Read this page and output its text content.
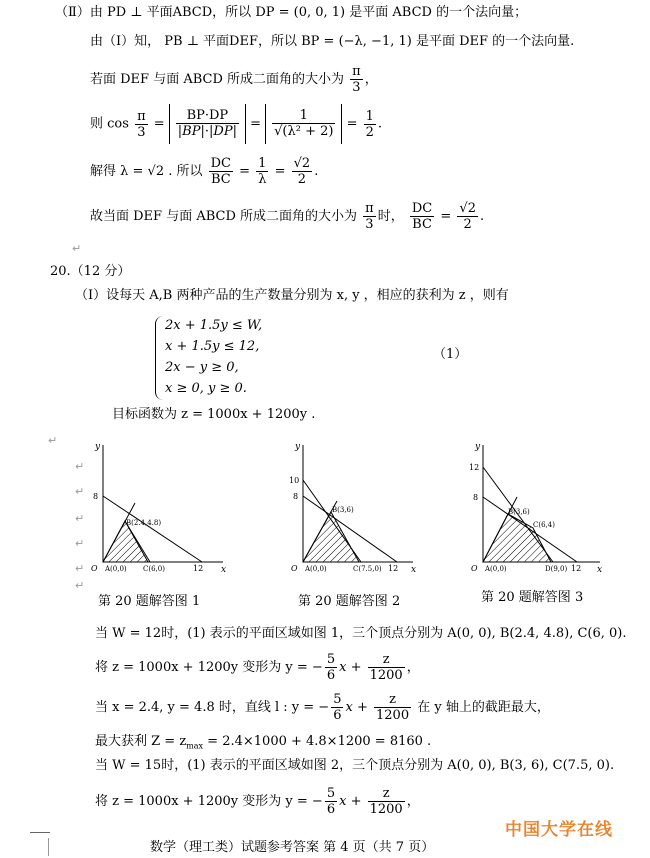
（Ⅱ）由 PD ⊥ 平面ABCD，所以 DP = (0, 0, 1) 是平面 ABCD 的一个法向量；
由（Ⅰ）知， PB ⊥ 平面DEF，所以 BP = (−λ, −1, 1) 是平面 DEF 的一个法向量.
若面 DEF 与面 ABCD 所成二面角的大小为 $\frac{\pi}{3}$ ，
则 $\cos \frac{\pi}{3} = \frac{BP\cdot DP}{|BP|\cdot|DP|} = \frac{1}{\text{√(λ² + 2)}} = \frac{1}{2}$ .
解得 λ = √2 . 所以 $\frac{DC}{BC} = \frac{1}{\lambda} = \frac{√2}{2}$ .
故当面 DEF 与面 ABCD 所成二面角的大小为 $\frac{\pi}{3}$ 时， $\frac{DC}{BC} = \frac{√2}{2}$ .
20.（12 分）
（Ⅰ）设每天 A,B 两种产品的生产数量分别为 x, y ，相应的获利为 z ，则有
2x + 1.5y ≤ W,
x + 1.5y ≤ 12,
2x − y ≥ 0,
x ≥ 0, y ≥ 0.
（1）
目标函数为 z = 1000x + 1200y .
y
x
8
12
O A(0,0)
B(2.4,4.8)
C(6,0)
y
x
10
8
12
O A(0,0)
B(3,6)
C(7.5,0)
y
x
12
8
12
O A(0,0)
B(3,6)
C(6,4)
D(9,0)
↵
↵
↵
↵
↵
↵
↵
↵
第 20 题解答图 1	第 20 题解答图 2	第 20 题解答图 3
当 W = 12时，(1) 表示的平面区域如图 1，三个顶点分别为 A(0, 0), B(2.4, 4.8), C(6, 0).
将 z = 1000x + 1200y 变形为 y = − $\frac{5}{6}$ $x + \frac{z}{1200}$ ，
当 x = 2.4, y = 4.8 时，直线 l : y = − $\frac{5}{6}$ $x + \frac{z}{1200}$ 在 y 轴上的截距最大，
最大获利 $Z = z_{max} = 2.4\times 1000 + 4.8\times 1200 = 8160$ .
当 W = 15时，(1) 表示的平面区域如图 2，三个顶点分别为 A(0, 0), B(3, 6), C(7.5, 0).
将 z = 1000x + 1200y 变形为 y = − $\frac{5}{6}$ $x + \frac{z}{1200}$ ，
数学（理工类）试题参考答案 第 4 页（共 7 页）
中国大学在线
